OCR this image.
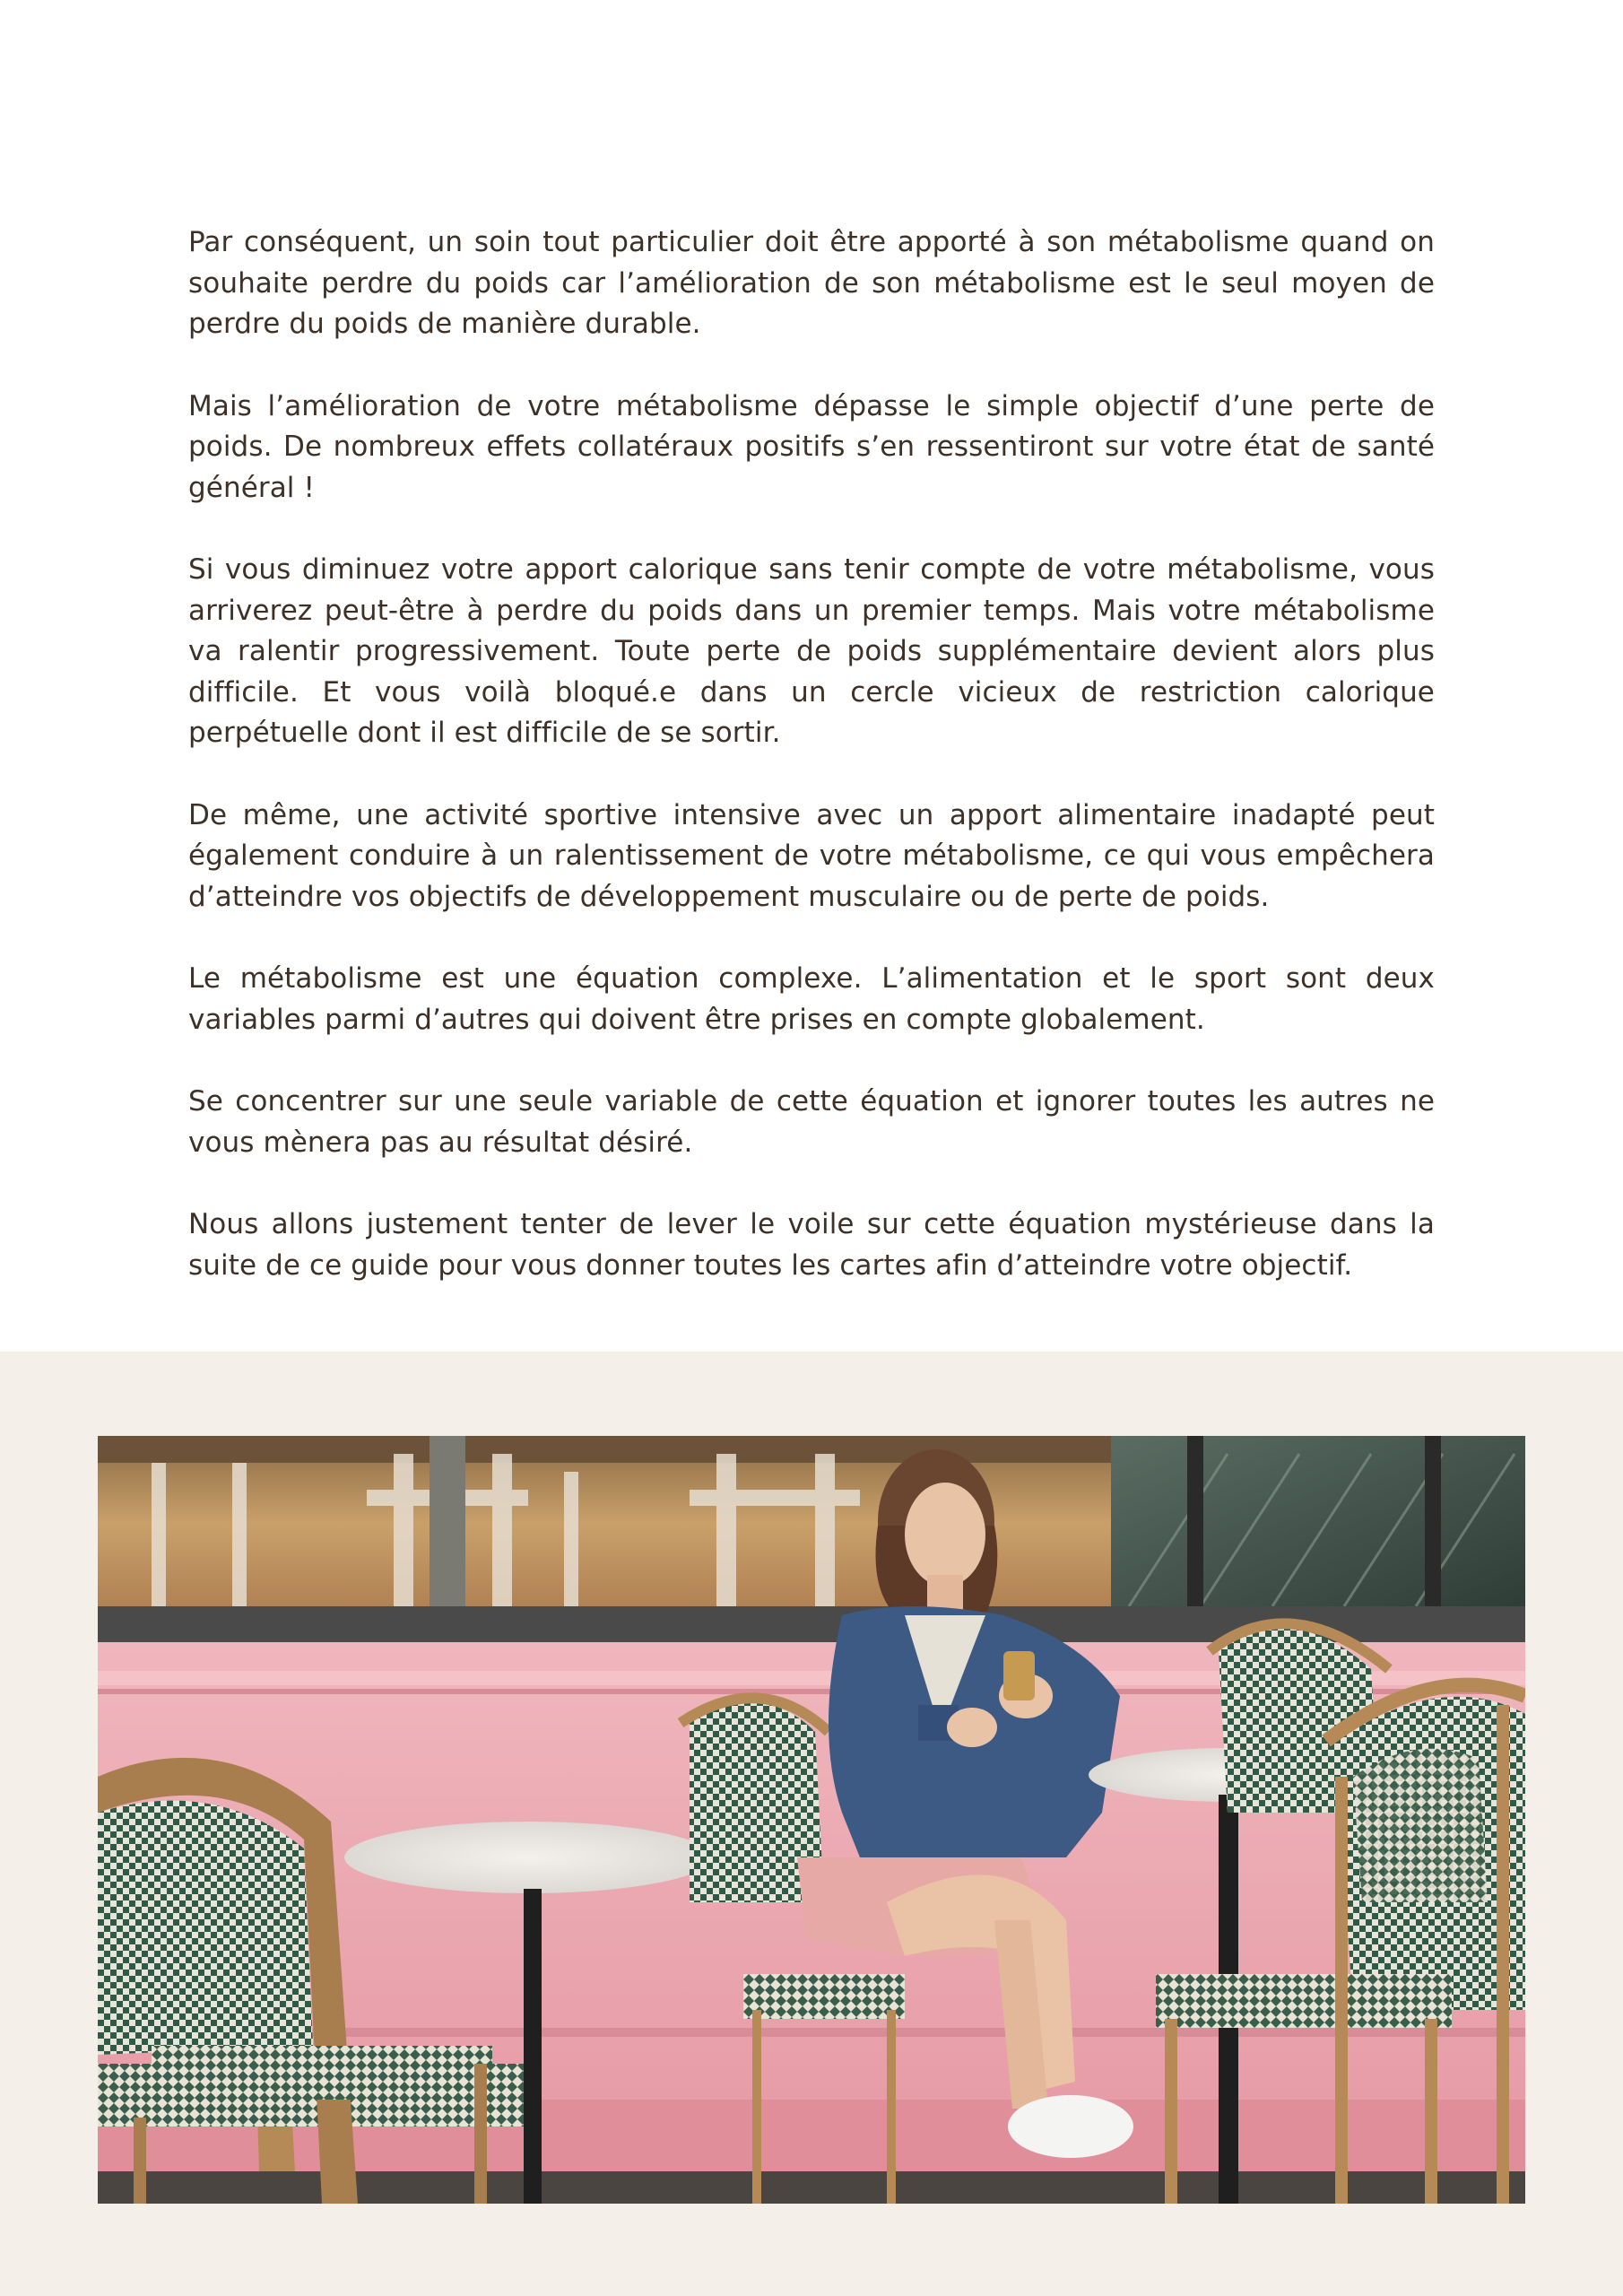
Par conséquent, un soin tout particulier doit être apporté à son métabolisme quand on souhaite perdre du poids car l’amélioration de son métabolisme est le seul moyen de perdre du poids de manière durable.

Mais l’amélioration de votre métabolisme dépasse le simple objectif d’une perte de poids. De nombreux effets collatéraux positifs s’en ressentiront sur votre état de santé général !

Si vous diminuez votre apport calorique sans tenir compte de votre métabolisme, vous arriverez peut-être à perdre du poids dans un premier temps. Mais votre métabolisme va ralentir progressivement. Toute perte de poids supplémentaire devient alors plus difficile. Et vous voilà bloqué.e dans un cercle vicieux de restriction calorique perpétuelle dont il est difficile de se sortir.

De même, une activité sportive intensive avec un apport alimentaire inadapté peut également conduire à un ralentissement de votre métabolisme, ce qui vous empêchera d’atteindre vos objectifs de développement musculaire ou de perte de poids.

Le métabolisme est une équation complexe. L’alimentation et le sport sont deux variables parmi d’autres qui doivent être prises en compte globalement.

Se concentrer sur une seule variable de cette équation et ignorer toutes les autres ne vous mènera pas au résultat désiré.

Nous allons justement tenter de lever le voile sur cette équation mystérieuse dans la suite de ce guide pour vous donner toutes les cartes afin d’atteindre votre objectif.
